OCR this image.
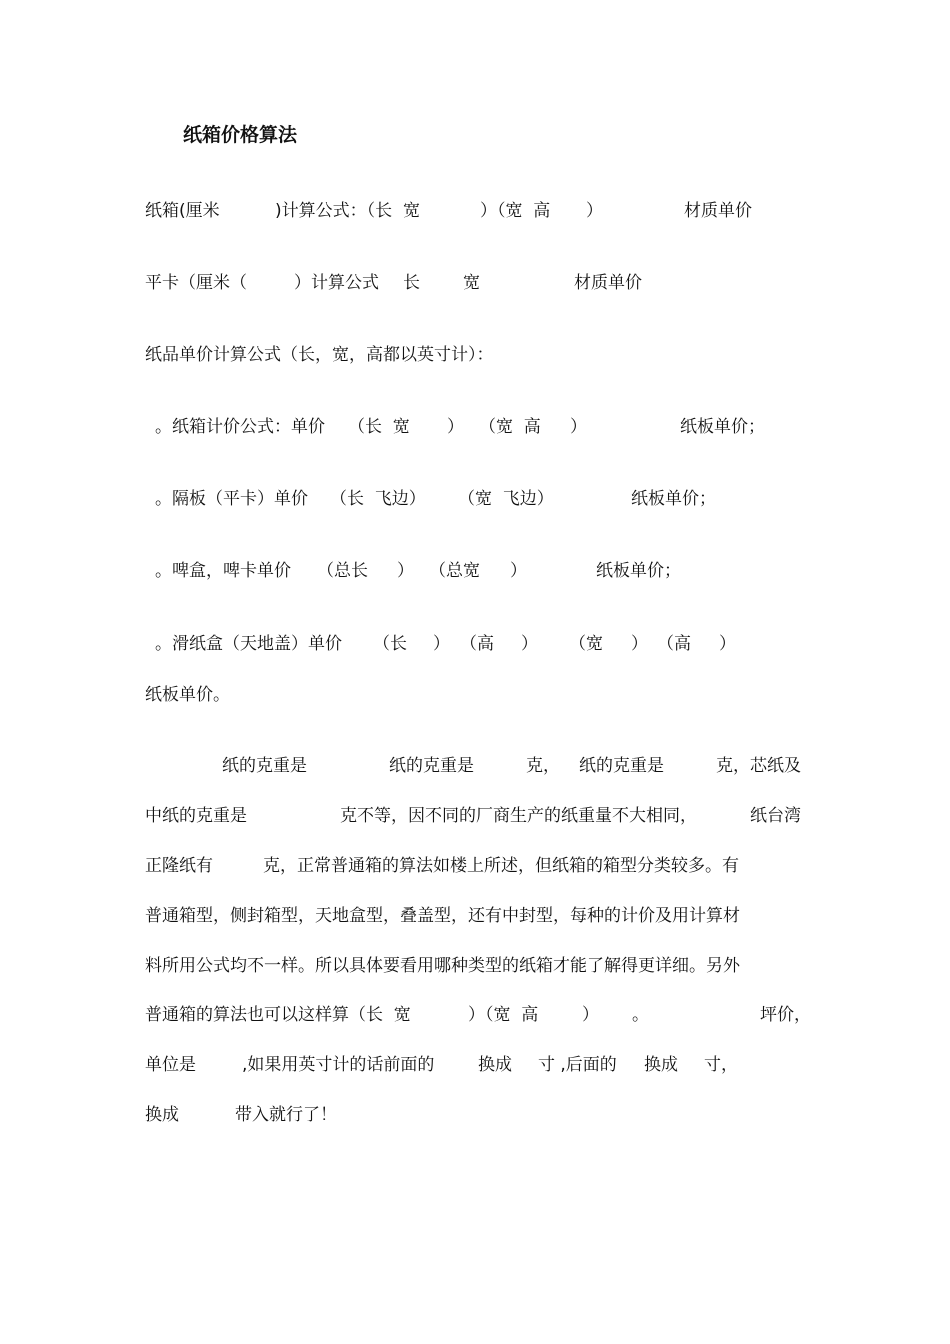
纸箱价格算法
纸箱(厘米	)计算公式：（长  宽	）（宽  高 ）	材质单价
平卡（厘米（	）计算公式 长	宽	材质单价
纸品单价计算公式（长，宽，高都以英寸计）：
。纸箱计价公式：单价 （长  宽 ） （宽  高 ）	纸板单价；
。隔板（平卡）单价 （长  飞边） （宽  飞边）	纸板单价；
。啤盒，啤卡单价 （总长 ） （总宽 ）	纸板单价；
。滑纸盒（天地盖）单价 （长 ） （高 ） （宽 ） （高 ）
纸板单价。
纸的克重是	纸的克重是	克， 纸的克重是	克，芯纸及
中纸的克重是	克不等，因不同的厂商生产的纸重量不大相同，	纸台湾
正隆纸有	克，正常普通箱的算法如楼上所述，但纸箱的箱型分类较多。有
普通箱型，侧封箱型，天地盒型，叠盖型，还有中封型，每种的计价及用计算材
料所用公式均不一样。所以具体要看用哪种类型的纸箱才能了解得更详细。另外
普通箱的算法也可以这样算（长  宽	）（宽  高	） 。	坪价，
单位是	,如果用英寸计的话前面的	换成 寸 ,后面的 换成 寸，
换成	带入就行了！
